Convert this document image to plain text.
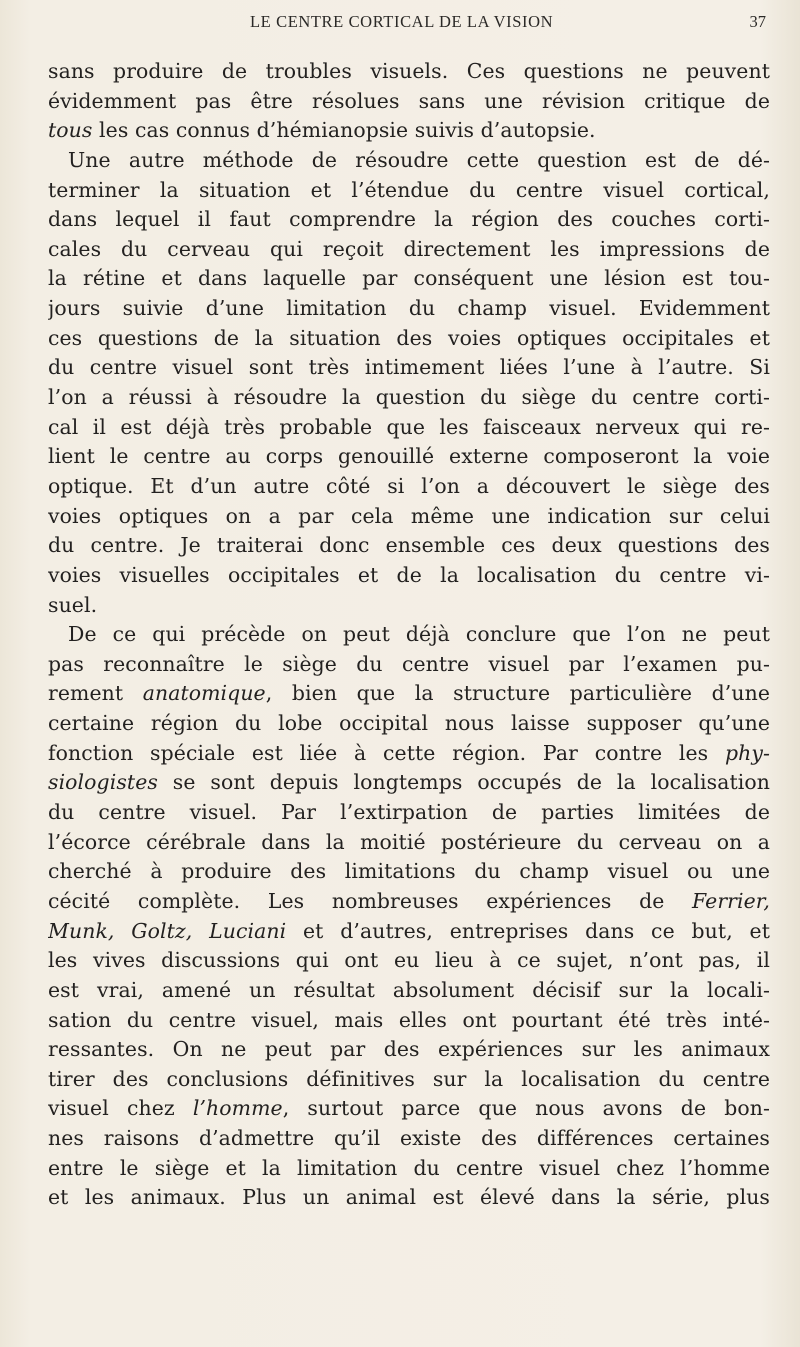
LE CENTRE CORTICAL DE LA VISION	37
sans produire de troubles visuels. Ces questions ne peuvent
évidemment pas être résolues sans une révision critique de
tous les cas connus d’hémianopsie suivis d’autopsie.
Une autre méthode de résoudre cette question est de dé-
terminer la situation et l’étendue du centre visuel cortical,
dans lequel il faut comprendre la région des couches corti-
cales du cerveau qui reçoit directement les impressions de
la rétine et dans laquelle par conséquent une lésion est tou-
jours suivie d’une limitation du champ visuel. Evidemment
ces questions de la situation des voies optiques occipitales et
du centre visuel sont très intimement liées l’une à l’autre. Si
l’on a réussi à résoudre la question du siège du centre corti-
cal il est déjà très probable que les faisceaux nerveux qui re-
lient le centre au corps genouillé externe composeront la voie
optique. Et d’un autre côté si l’on a découvert le siège des
voies optiques on a par cela même une indication sur celui
du centre. Je traiterai donc ensemble ces deux questions des
voies visuelles occipitales et de la localisation du centre vi-
suel.
De ce qui précède on peut déjà conclure que l’on ne peut
pas reconnaître le siège du centre visuel par l’examen pu-
rement anatomique, bien que la structure particulière d’une
certaine région du lobe occipital nous laisse supposer qu’une
fonction spéciale est liée à cette région. Par contre les phy-
siologistes se sont depuis longtemps occupés de la localisation
du centre visuel. Par l’extirpation de parties limitées de
l’écorce cérébrale dans la moitié postérieure du cerveau on a
cherché à produire des limitations du champ visuel ou une
cécité complète. Les nombreuses expériences de Ferrier,
Munk, Goltz, Luciani et d’autres, entreprises dans ce but, et
les vives discussions qui ont eu lieu à ce sujet, n’ont pas, il
est vrai, amené un résultat absolument décisif sur la locali-
sation du centre visuel, mais elles ont pourtant été très inté-
ressantes. On ne peut par des expériences sur les animaux
tirer des conclusions définitives sur la localisation du centre
visuel chez l’homme, surtout parce que nous avons de bon-
nes raisons d’admettre qu’il existe des différences certaines
entre le siège et la limitation du centre visuel chez l’homme
et les animaux. Plus un animal est élevé dans la série, plus
